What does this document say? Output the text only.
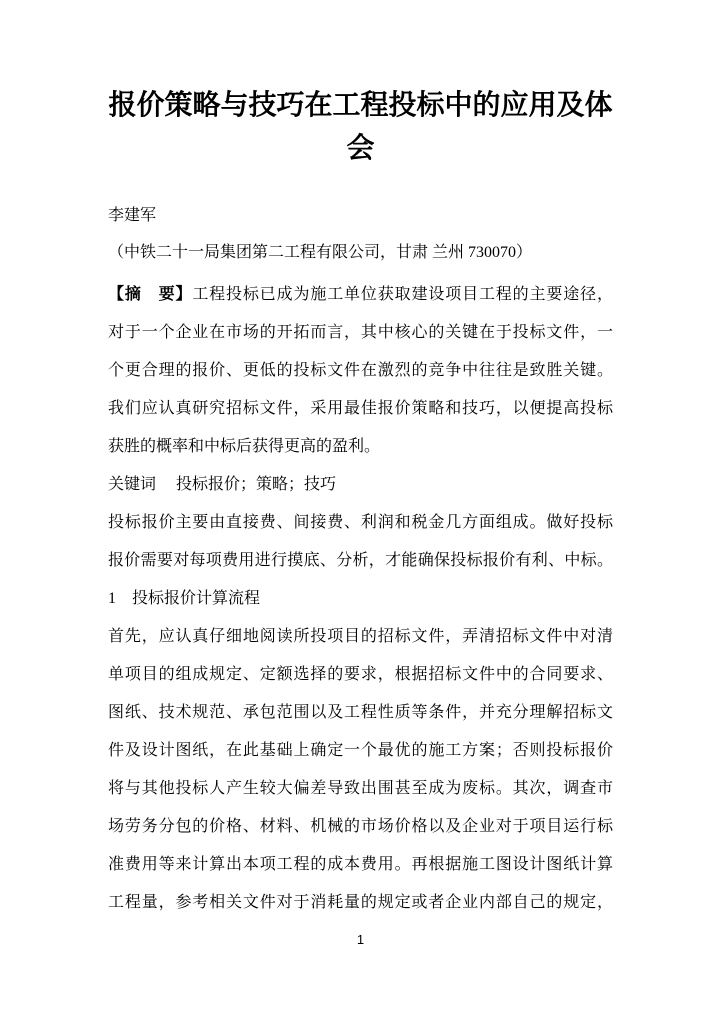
报价策略与技巧在工程投标中的应用及体
会
李建军
（中铁二十一局集团第二工程有限公司，甘肃 兰州 730070）
【摘　要】工程投标已成为施工单位获取建设项目工程的主要途径，
对于一个企业在市场的开拓而言，其中核心的关键在于投标文件，一
个更合理的报价、更低的投标文件在激烈的竞争中往往是致胜关键。
我们应认真研究招标文件，采用最佳报价策略和技巧，以便提高投标
获胜的概率和中标后获得更高的盈利。
关键词　 投标报价；策略；技巧
投标报价主要由直接费、间接费、利润和税金几方面组成。做好投标
报价需要对每项费用进行摸底、分析，才能确保投标报价有利、中标。
1　投标报价计算流程
首先，应认真仔细地阅读所投项目的招标文件，弄清招标文件中对清
单项目的组成规定、定额选择的要求，根据招标文件中的合同要求、
图纸、技术规范、承包范围以及工程性质等条件，并充分理解招标文
件及设计图纸，在此基础上确定一个最优的施工方案；否则投标报价
将与其他投标人产生较大偏差导致出围甚至成为废标。其次，调查市
场劳务分包的价格、材料、机械的市场价格以及企业对于项目运行标
准费用等来计算出本项工程的成本费用。再根据施工图设计图纸计算
工程量，参考相关文件对于消耗量的规定或者企业内部自己的规定，
1
